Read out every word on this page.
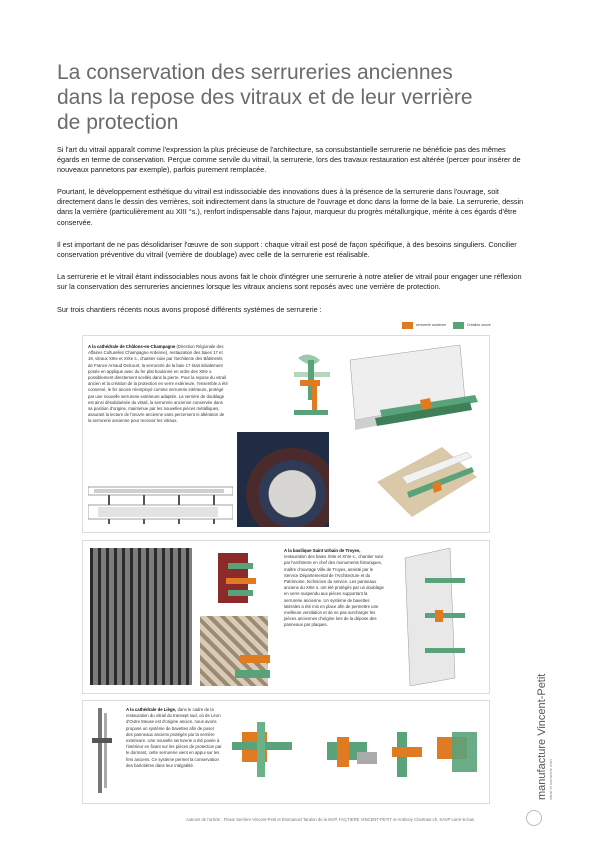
La conservation des serrureries anciennes
dans la repose des vitraux et de leur verrière
de protection

Si l'art du vitrail apparaît comme l'expression la plus précieuse de l'architecture, sa consubstantielle serrurerie ne bénéficie pas des mêmes égards en terme de conservation. Perçue comme servile du vitrail, la serrurerie, lors des travaux restauration est altérée (percer pour insérer de nouveaux pannetons par exemple), parfois purement remplacée.

Pourtant, le développement esthétique du vitrail est indissociable des innovations dues à la présence de la serrurerie dans l'ouvrage, soit directement dans le dessin des verrières, soit indirectement dans la structure de l'ouvrage et donc dans la forme de la baie. La serrurerie, dessin dans la verrière (particulièrement au XIII °s.), renfort indispensable dans l'ajour, marqueur du progrès métallurgique, mérite à ces égards d'être conservée.

Il est important de ne pas désolidariser l'œuvre de son support : chaque vitrail est posé de façon spécifique, à des besoins singuliers. Concilier conservation préventive du vitrail (verrière de doublage) avec celle de la serrurerie est réalisable.

La serrurerie et le vitrail étant indissociables nous avons fait le choix d'intégrer une serrurerie à notre atelier de vitrail pour engager une réflexion sur la conservation des serrureries anciennes lorsque les vitraux anciens sont reposés avec une verrière de protection.

Sur trois chantiers récents nous avons proposé différents systèmes de serrurerie :

serrurerie ancienne	Création neuve

A la cathédrale de Châlons-en-Champagne (Direction Régionale des Affaires Culturelles Champagne Ardenne), restauration des baies 17 et 19, vitraux XIIIe et XIXe s., chantier suivi par l'architecte des Bâtiments de France Arnaud Delcourt, la serrurerie de la baie 17 était initialement posée en applique avec du fer plat boulonné en ordre des XIIIe s. possiblement directement scellés dans la pierre. Pour la repose du vitrail ancien et la création de la protection en verre extérieure, l'ensemble a été conservé, le fer ancien réemployé comme serrurerie intérieure, protégé par une nouvelle serrurerie extérieure adaptée. La verrière de doublage est ainsi désolidarisée du vitrail, la serrurerie ancienne conservée dans sa position d'origine, maintenue par les nouvelles pièces métalliques, assurant la lecture de l'œuvre ancienne sans percement ni altération de la serrurerie ancienne pour recevoir les vitraux.

A la basilique Saint Urbain de Troyes, restauration des baies XIIIe et XIVe s., chantier suivi par l'architecte en chef des monuments historiques, maître d'ouvrage Ville de Troyes, assisté par le Service Départemental de l'Architecture et du Patrimoine, technicien du service. Les panneaux anciens du XIIIe s. ont été protégés par un doublage en verre suspendu aux pièces supportant la serrurerie ancienne. Un système de bavettes latérales a été mis en place afin de permettre une meilleure ventilation et de ne pas surcharger les pièces anciennes d'origine lors de la dépose des panneaux par plaques.

A la cathédrale de Liège, dans le cadre de la restauration du vitrail du transept sud, où de Léon d'Outre Meuse est d'origine ancien, nous avons proposé un système de bavettes afin de poser des panneaux anciens protégés par la verrière extérieure. Une nouvelle serrurerie a été posée à l'intérieur en fixant sur les pièces de protection par le dormant, cette serrurerie vient en appui sur les fers anciens. Ce système permet la conservation des barlotières dans leur intégralité.	manufacture Vincent-Petit vitrail et serrurerie d'art
Auteurs de l'article : Flavie Serrière-Vincent-Petit et Emmanuel Taralon de la MVP, FAÇTIERE VINCENT-PETIT et Anthony Chartrain-ch, SAVP-carré-le-bas
